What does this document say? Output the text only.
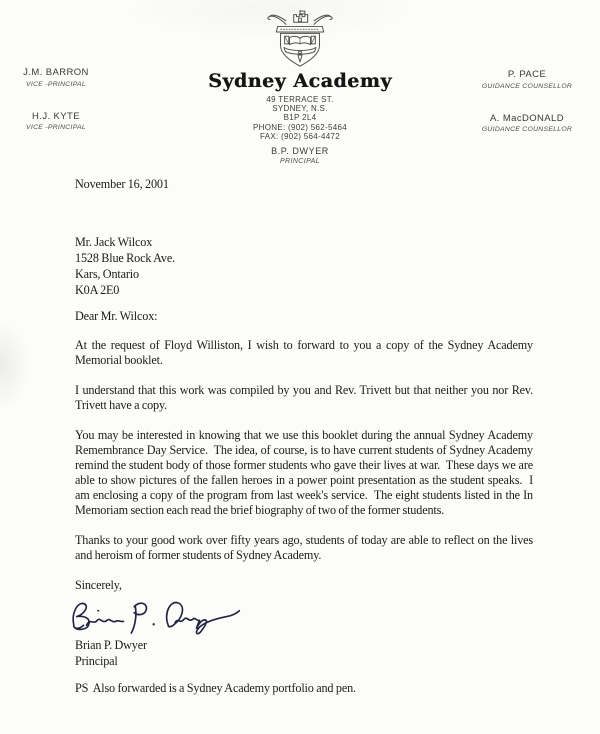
J.M. BARRON
VICE -PRINCIPAL
H.J. KYTE
VICE -PRINCIPAL
Sydney Academy
49 TERRACE ST.
SYDNEY, N.S.
B1P 2L4
PHONE: (902) 562-5464
FAX: (902) 564-4472
B.P. DWYER
PRINCIPAL
P. PACE
GUIDANCE COUNSELLOR
A. MacDONALD
GUIDANCE COUNSELLOR
November 16, 2001
Mr. Jack Wilcox
1528 Blue Rock Ave.
Kars, Ontario
K0A 2E0
Dear Mr. Wilcox:

At the request of Floyd Williston, I wish to forward to you a copy of the Sydney Academy Memorial booklet.

I understand that this work was compiled by you and Rev. Trivett but that neither you nor Rev. Trivett have a copy.

You may be interested in knowing that we use this booklet during the annual Sydney Academy Remembrance Day Service.  The idea, of course, is to have current students of Sydney Academy remind the student body of those former students who gave their lives at war.  These days we are able to show pictures of the fallen heroes in a power point presentation as the student speaks.  I am enclosing a copy of the program from last week's service.  The eight students listed in the In Memoriam section each read the brief biography of two of the former students.

Thanks to your good work over fifty years ago, students of today are able to reflect on the lives and heroism of former students of Sydney Academy.

Sincerely,
Brian P. Dwyer
Principal
PS  Also forwarded is a Sydney Academy portfolio and pen.
